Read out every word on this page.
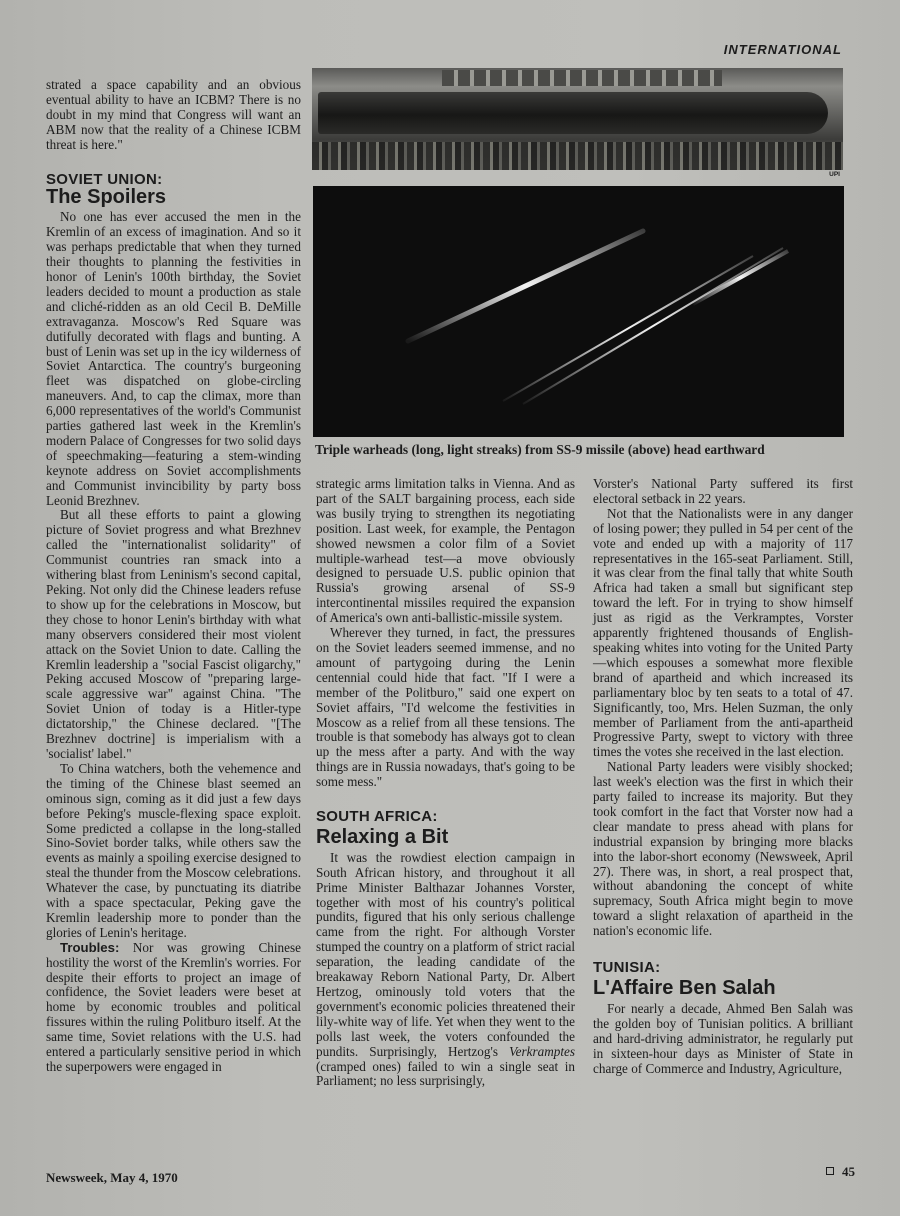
INTERNATIONAL

strated a space capability and an obvious eventual ability to have an ICBM? There is no doubt in my mind that Congress will want an ABM now that the reality of a Chinese ICBM threat is here."

SOVIET UNION:

The Spoilers

No one has ever accused the men in the Kremlin of an excess of imagination. And so it was perhaps predictable that when they turned their thoughts to planning the festivities in honor of Lenin's 100th birthday, the Soviet leaders decided to mount a production as stale and cliché-ridden as an old Cecil B. DeMille extravaganza. Moscow's Red Square was dutifully decorated with flags and bunting. A bust of Lenin was set up in the icy wilderness of Soviet Antarctica. The country's burgeoning fleet was dispatched on globe-circling maneuvers. And, to cap the climax, more than 6,000 representatives of the world's Communist parties gathered last week in the Kremlin's modern Palace of Congresses for two solid days of speechmaking—featuring a stem-winding keynote address on Soviet accomplishments and Communist invincibility by party boss Leonid Brezhnev.

But all these efforts to paint a glowing picture of Soviet progress and what Brezhnev called the "internationalist solidarity" of Communist countries ran smack into a withering blast from Leninism's second capital, Peking. Not only did the Chinese leaders refuse to show up for the celebrations in Moscow, but they chose to honor Lenin's birthday with what many observers considered their most violent attack on the Soviet Union to date. Calling the Kremlin leadership a "social Fascist oligarchy," Peking accused Moscow of "preparing large-scale aggressive war" against China. "The Soviet Union of today is a Hitler-type dictatorship," the Chinese declared. "[The Brezhnev doctrine] is imperialism with a 'socialist' label."

To China watchers, both the vehemence and the timing of the Chinese blast seemed an ominous sign, coming as it did just a few days before Peking's muscle-flexing space exploit. Some predicted a collapse in the long-stalled Sino-Soviet border talks, while others saw the events as mainly a spoiling exercise designed to steal the thunder from the Moscow celebrations. Whatever the case, by punctuating its diatribe with a space spectacular, Peking gave the Kremlin leadership more to ponder than the glories of Lenin's heritage.

Troubles: Nor was growing Chinese hostility the worst of the Kremlin's worries. For despite their efforts to project an image of confidence, the Soviet leaders were beset at home by economic troubles and political fissures within the ruling Politburo itself. At the same time, Soviet relations with the U.S. had entered a particularly sensitive period in which the superpowers were engaged in

UPI
Triple warheads (long, light streaks) from SS-9 missile (above) head earthward

strategic arms limitation talks in Vienna. And as part of the SALT bargaining process, each side was busily trying to strengthen its negotiating position. Last week, for example, the Pentagon showed newsmen a color film of a Soviet multiple-warhead test—a move obviously designed to persuade U.S. public opinion that Russia's growing arsenal of SS-9 intercontinental missiles required the expansion of America's own anti-ballistic-missile system.

Wherever they turned, in fact, the pressures on the Soviet leaders seemed immense, and no amount of partygoing during the Lenin centennial could hide that fact. "If I were a member of the Politburo," said one expert on Soviet affairs, "I'd welcome the festivities in Moscow as a relief from all these tensions. The trouble is that somebody has always got to clean up the mess after a party. And with the way things are in Russia nowadays, that's going to be some mess."

SOUTH AFRICA:

Relaxing a Bit

It was the rowdiest election campaign in South African history, and throughout it all Prime Minister Balthazar Johannes Vorster, together with most of his country's political pundits, figured that his only serious challenge came from the right. For although Vorster stumped the country on a platform of strict racial separation, the leading candidate of the breakaway Reborn National Party, Dr. Albert Hertzog, ominously told voters that the government's economic policies threatened their lily-white way of life. Yet when they went to the polls last week, the voters confounded the pundits. Surprisingly, Hertzog's Verkramptes (cramped ones) failed to win a single seat in Parliament; no less surprisingly,

Vorster's National Party suffered its first electoral setback in 22 years.

Not that the Nationalists were in any danger of losing power; they pulled in 54 per cent of the vote and ended up with a majority of 117 representatives in the 165-seat Parliament. Still, it was clear from the final tally that white South Africa had taken a small but significant step toward the left. For in trying to show himself just as rigid as the Verkramptes, Vorster apparently frightened thousands of English-speaking whites into voting for the United Party—which espouses a somewhat more flexible brand of apartheid and which increased its parliamentary bloc by ten seats to a total of 47. Significantly, too, Mrs. Helen Suzman, the only member of Parliament from the anti-apartheid Progressive Party, swept to victory with three times the votes she received in the last election.

National Party leaders were visibly shocked; last week's election was the first in which their party failed to increase its majority. But they took comfort in the fact that Vorster now had a clear mandate to press ahead with plans for industrial expansion by bringing more blacks into the labor-short economy (Newsweek, April 27). There was, in short, a real prospect that, without abandoning the concept of white supremacy, South Africa might begin to move toward a slight relaxation of apartheid in the nation's economic life.

TUNISIA:

L'Affaire Ben Salah

For nearly a decade, Ahmed Ben Salah was the golden boy of Tunisian politics. A brilliant and hard-driving administrator, he regularly put in sixteen-hour days as Minister of State in charge of Commerce and Industry, Agriculture,

Newsweek, May 4, 1970	45
